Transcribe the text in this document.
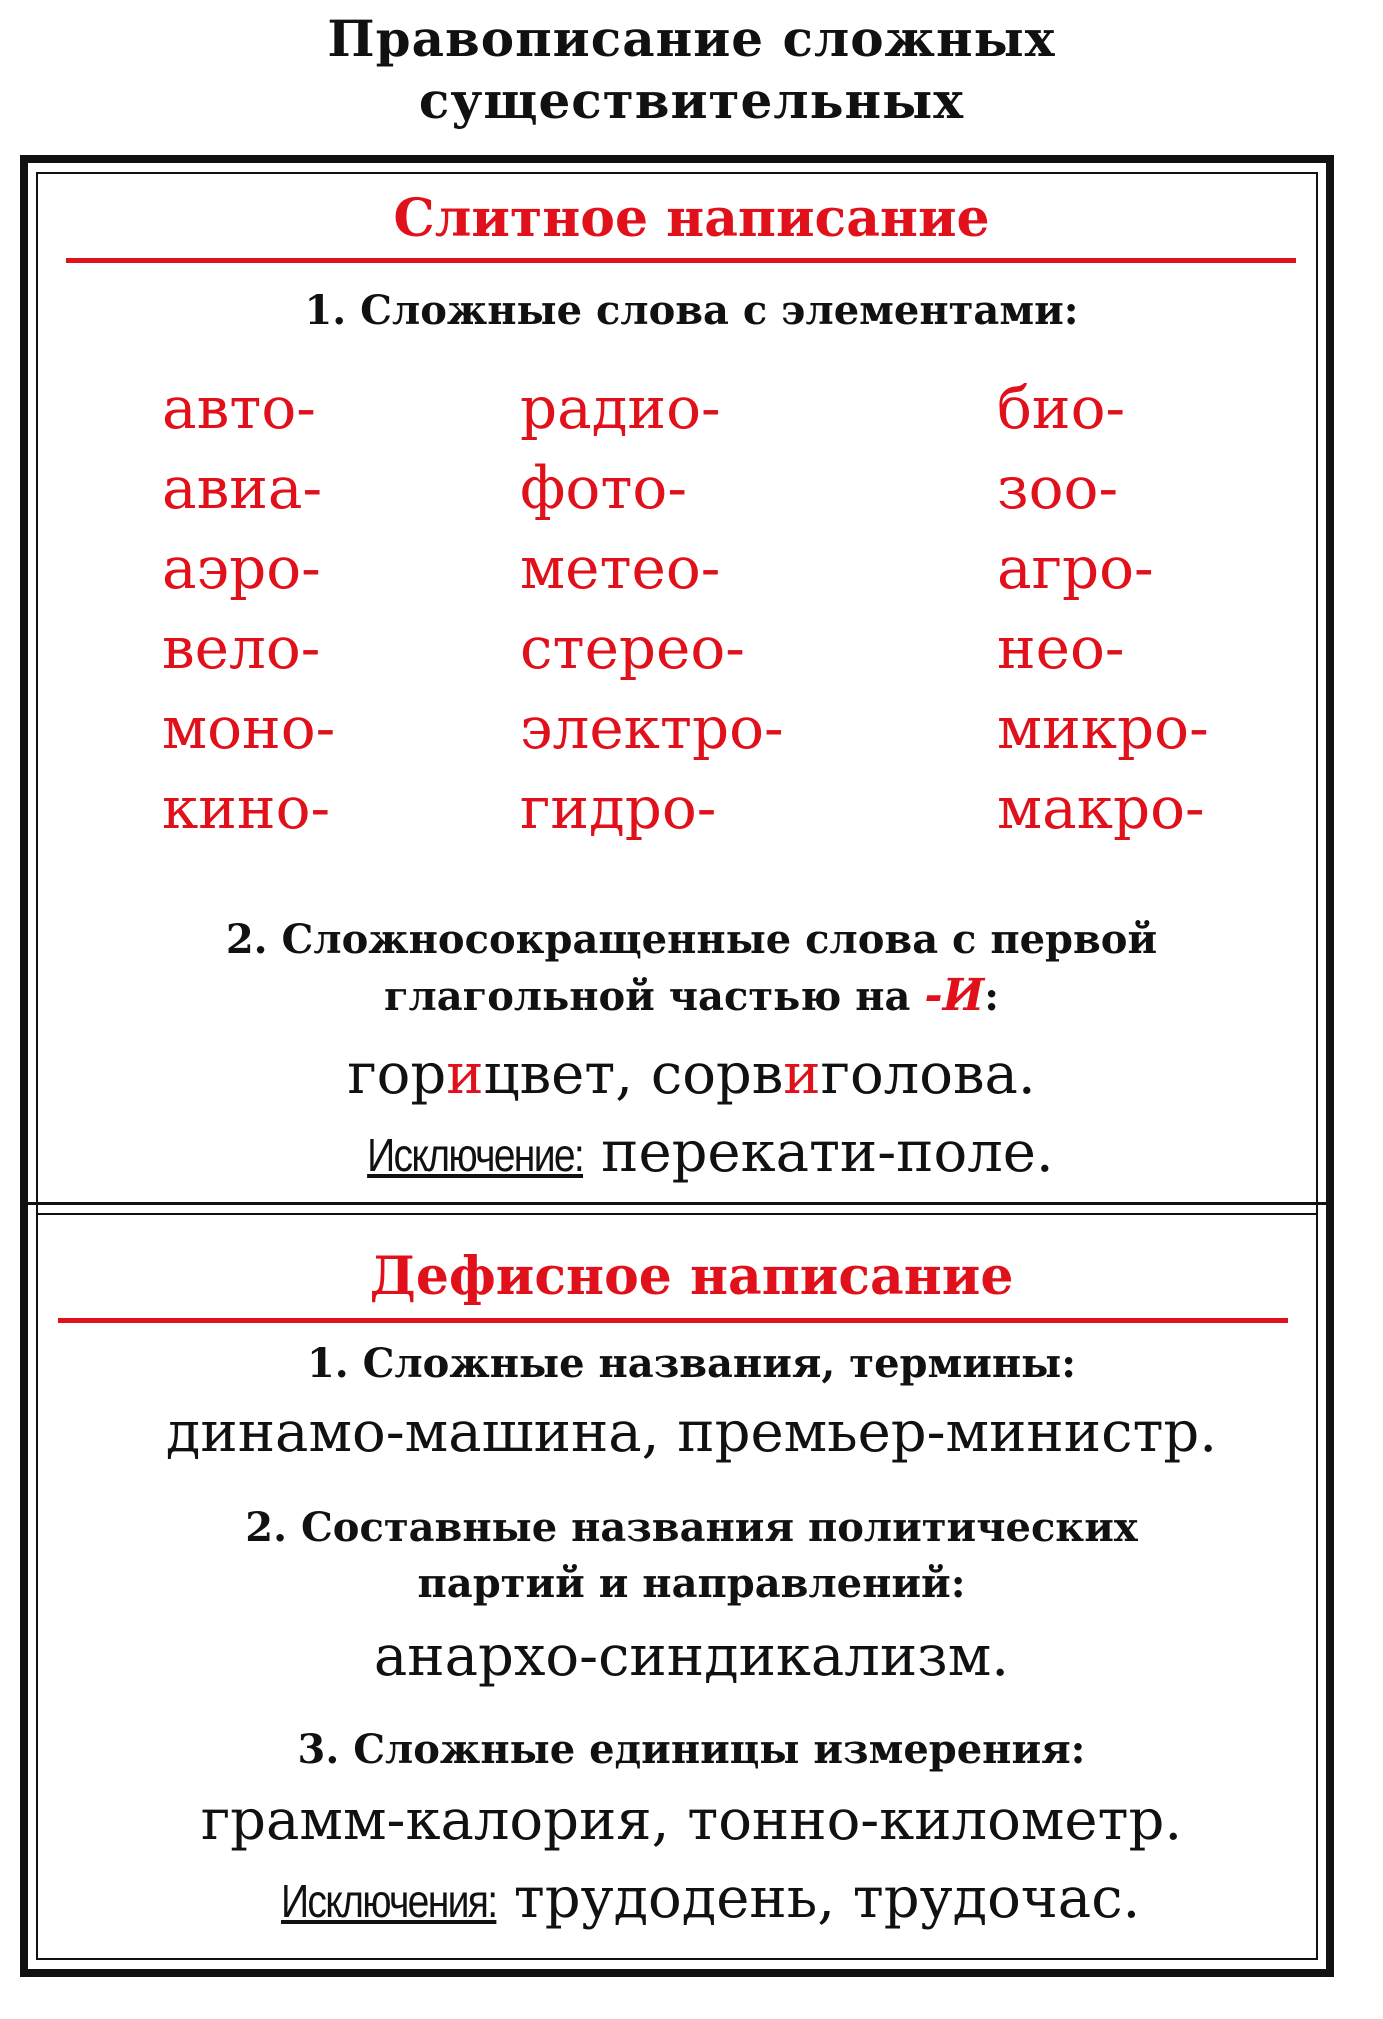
Правописание сложных
существительных
Слитное написание
1. Сложные слова с элементами:
авто-
авиа-
аэро-
вело-
моно-
кино-
радио-
фото-
метео-
стерео-
электро-
гидро-
био-
зоо-
агро-
нео-
микро-
макро-
2. Сложносокращенные слова с первой
глагольной частью на -И:
горицвет, сорвиголова.
Исключение: перекати-поле.
Дефисное написание
1. Сложные названия, термины:
динамо-машина, премьер-министр.
2. Составные названия политических
партий и направлений:
анархо-синдикализм.
3. Сложные единицы измерения:
грамм-калория, тонно-километр.
Исключения: трудодень, трудочас.
